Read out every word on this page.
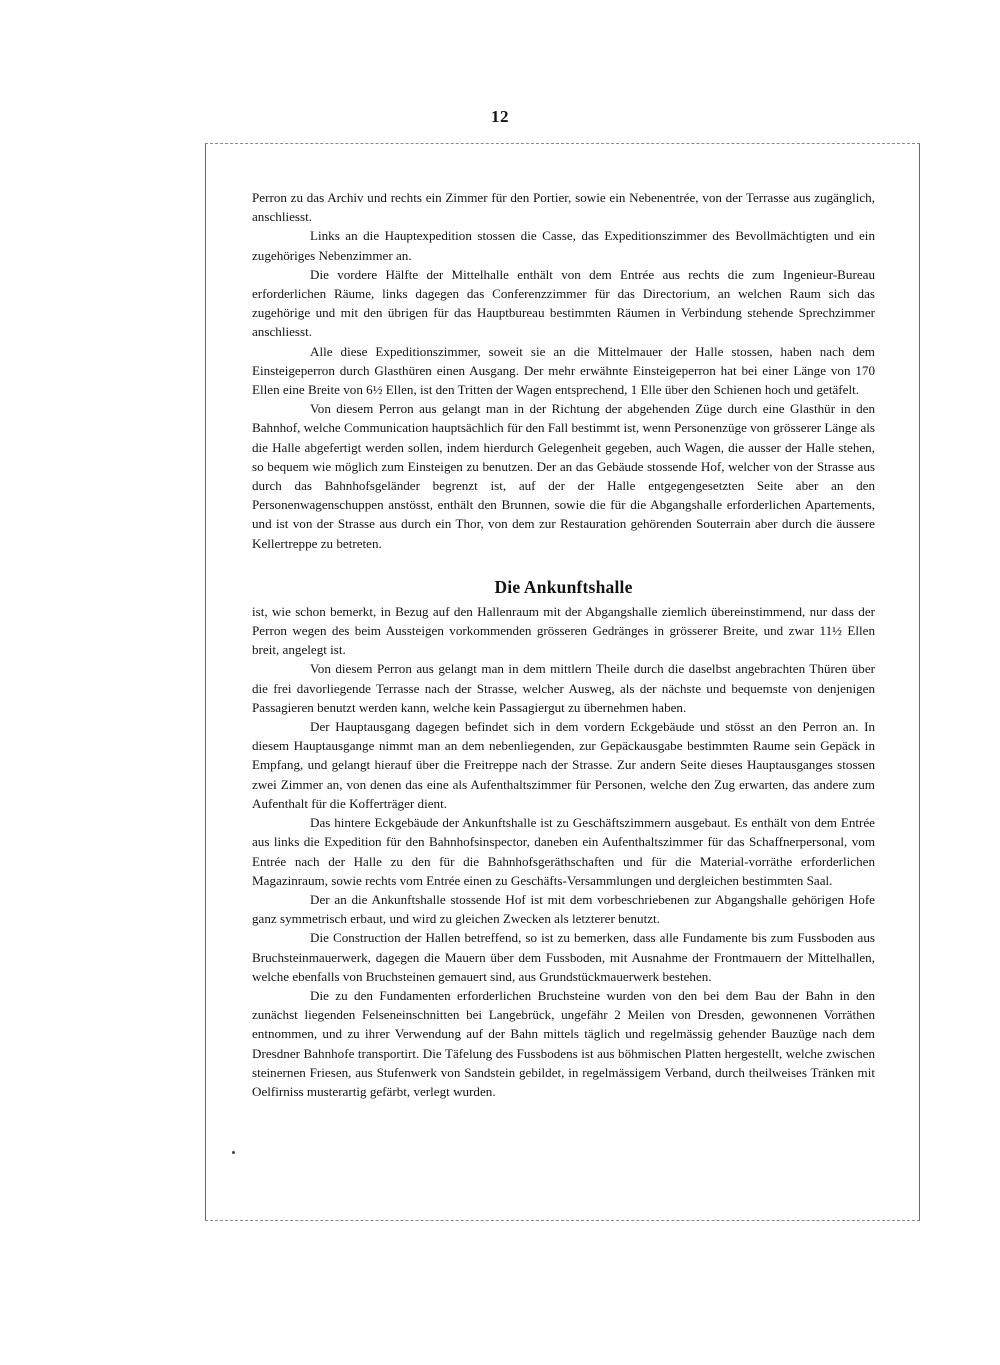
12

Perron zu das Archiv und rechts ein Zimmer für den Portier, sowie ein Nebenentrée, von der Terrasse aus zugänglich, anschliesst.

Links an die Hauptexpedition stossen die Casse, das Expeditionszimmer des Bevollmächtigten und ein zugehöriges Nebenzimmer an.

Die vordere Hälfte der Mittelhalle enthält von dem Entrée aus rechts die zum Ingenieur-Bureau erforderlichen Räume, links dagegen das Conferenzzimmer für das Directorium, an welchen Raum sich das zugehörige und mit den übrigen für das Hauptbureau bestimmten Räumen in Verbindung stehende Sprechzimmer anschliesst.

Alle diese Expeditionszimmer, soweit sie an die Mittelmauer der Halle stossen, haben nach dem Einsteigeperron durch Glasthüren einen Ausgang. Der mehr erwähnte Einsteigeperron hat bei einer Länge von 170 Ellen eine Breite von 6½ Ellen, ist den Tritten der Wagen entsprechend, 1 Elle über den Schienen hoch und getäfelt.

Von diesem Perron aus gelangt man in der Richtung der abgehenden Züge durch eine Glasthür in den Bahnhof, welche Communication hauptsächlich für den Fall bestimmt ist, wenn Personenzüge von grösserer Länge als die Halle abgefertigt werden sollen, indem hierdurch Gelegenheit gegeben, auch Wagen, die ausser der Halle stehen, so bequem wie möglich zum Einsteigen zu benutzen. Der an das Gebäude stossende Hof, welcher von der Strasse aus durch das Bahnhofsgeländer begrenzt ist, auf der der Halle entgegengesetzten Seite aber an den Personenwagenschuppen anstösst, enthält den Brunnen, sowie die für die Abgangshalle erforderlichen Apartements, und ist von der Strasse aus durch ein Thor, von dem zur Restauration gehörenden Souterrain aber durch die äussere Kellertreppe zu betreten.

Die Ankunftshalle

ist, wie schon bemerkt, in Bezug auf den Hallenraum mit der Abgangshalle ziemlich übereinstimmend, nur dass der Perron wegen des beim Aussteigen vorkommenden grösseren Gedränges in grösserer Breite, und zwar 11½ Ellen breit, angelegt ist.

Von diesem Perron aus gelangt man in dem mittlern Theile durch die daselbst angebrachten Thüren über die frei davorliegende Terrasse nach der Strasse, welcher Ausweg, als der nächste und bequemste von denjenigen Passagieren benutzt werden kann, welche kein Passagiergut zu übernehmen haben.

Der Hauptausgang dagegen befindet sich in dem vordern Eckgebäude und stösst an den Perron an. In diesem Hauptausgange nimmt man an dem nebenliegenden, zur Gepäckausgabe bestimmten Raume sein Gepäck in Empfang, und gelangt hierauf über die Freitreppe nach der Strasse. Zur andern Seite dieses Hauptausganges stossen zwei Zimmer an, von denen das eine als Aufenthaltszimmer für Personen, welche den Zug erwarten, das andere zum Aufenthalt für die Kofferträger dient.

Das hintere Eckgebäude der Ankunftshalle ist zu Geschäftszimmern ausgebaut. Es enthält von dem Entrée aus links die Expedition für den Bahnhofsinspector, daneben ein Aufenthaltszimmer für das Schaffnerpersonal, vom Entrée nach der Halle zu den für die Bahnhofsgeräthschaften und für die Material-vorräthe erforderlichen Magazinraum, sowie rechts vom Entrée einen zu Geschäfts-Versammlungen und dergleichen bestimmten Saal.

Der an die Ankunftshalle stossende Hof ist mit dem vorbeschriebenen zur Abgangshalle gehörigen Hofe ganz symmetrisch erbaut, und wird zu gleichen Zwecken als letzterer benutzt.

Die Construction der Hallen betreffend, so ist zu bemerken, dass alle Fundamente bis zum Fussboden aus Bruchsteinmauerwerk, dagegen die Mauern über dem Fussboden, mit Ausnahme der Frontmauern der Mittelhallen, welche ebenfalls von Bruchsteinen gemauert sind, aus Grundstückmauerwerk bestehen.

Die zu den Fundamenten erforderlichen Bruchsteine wurden von den bei dem Bau der Bahn in den zunächst liegenden Felseneinschnitten bei Langebrück, ungefähr 2 Meilen von Dresden, gewonnenen Vorräthen entnommen, und zu ihrer Verwendung auf der Bahn mittels täglich und regelmässig gehender Bauzüge nach dem Dresdner Bahnhofe transportirt. Die Täfelung des Fussbodens ist aus böhmischen Platten hergestellt, welche zwischen steinernen Friesen, aus Stufenwerk von Sandstein gebildet, in regelmässigem Verband, durch theilweises Tränken mit Oelfirniss musterartig gefärbt, verlegt wurden.
